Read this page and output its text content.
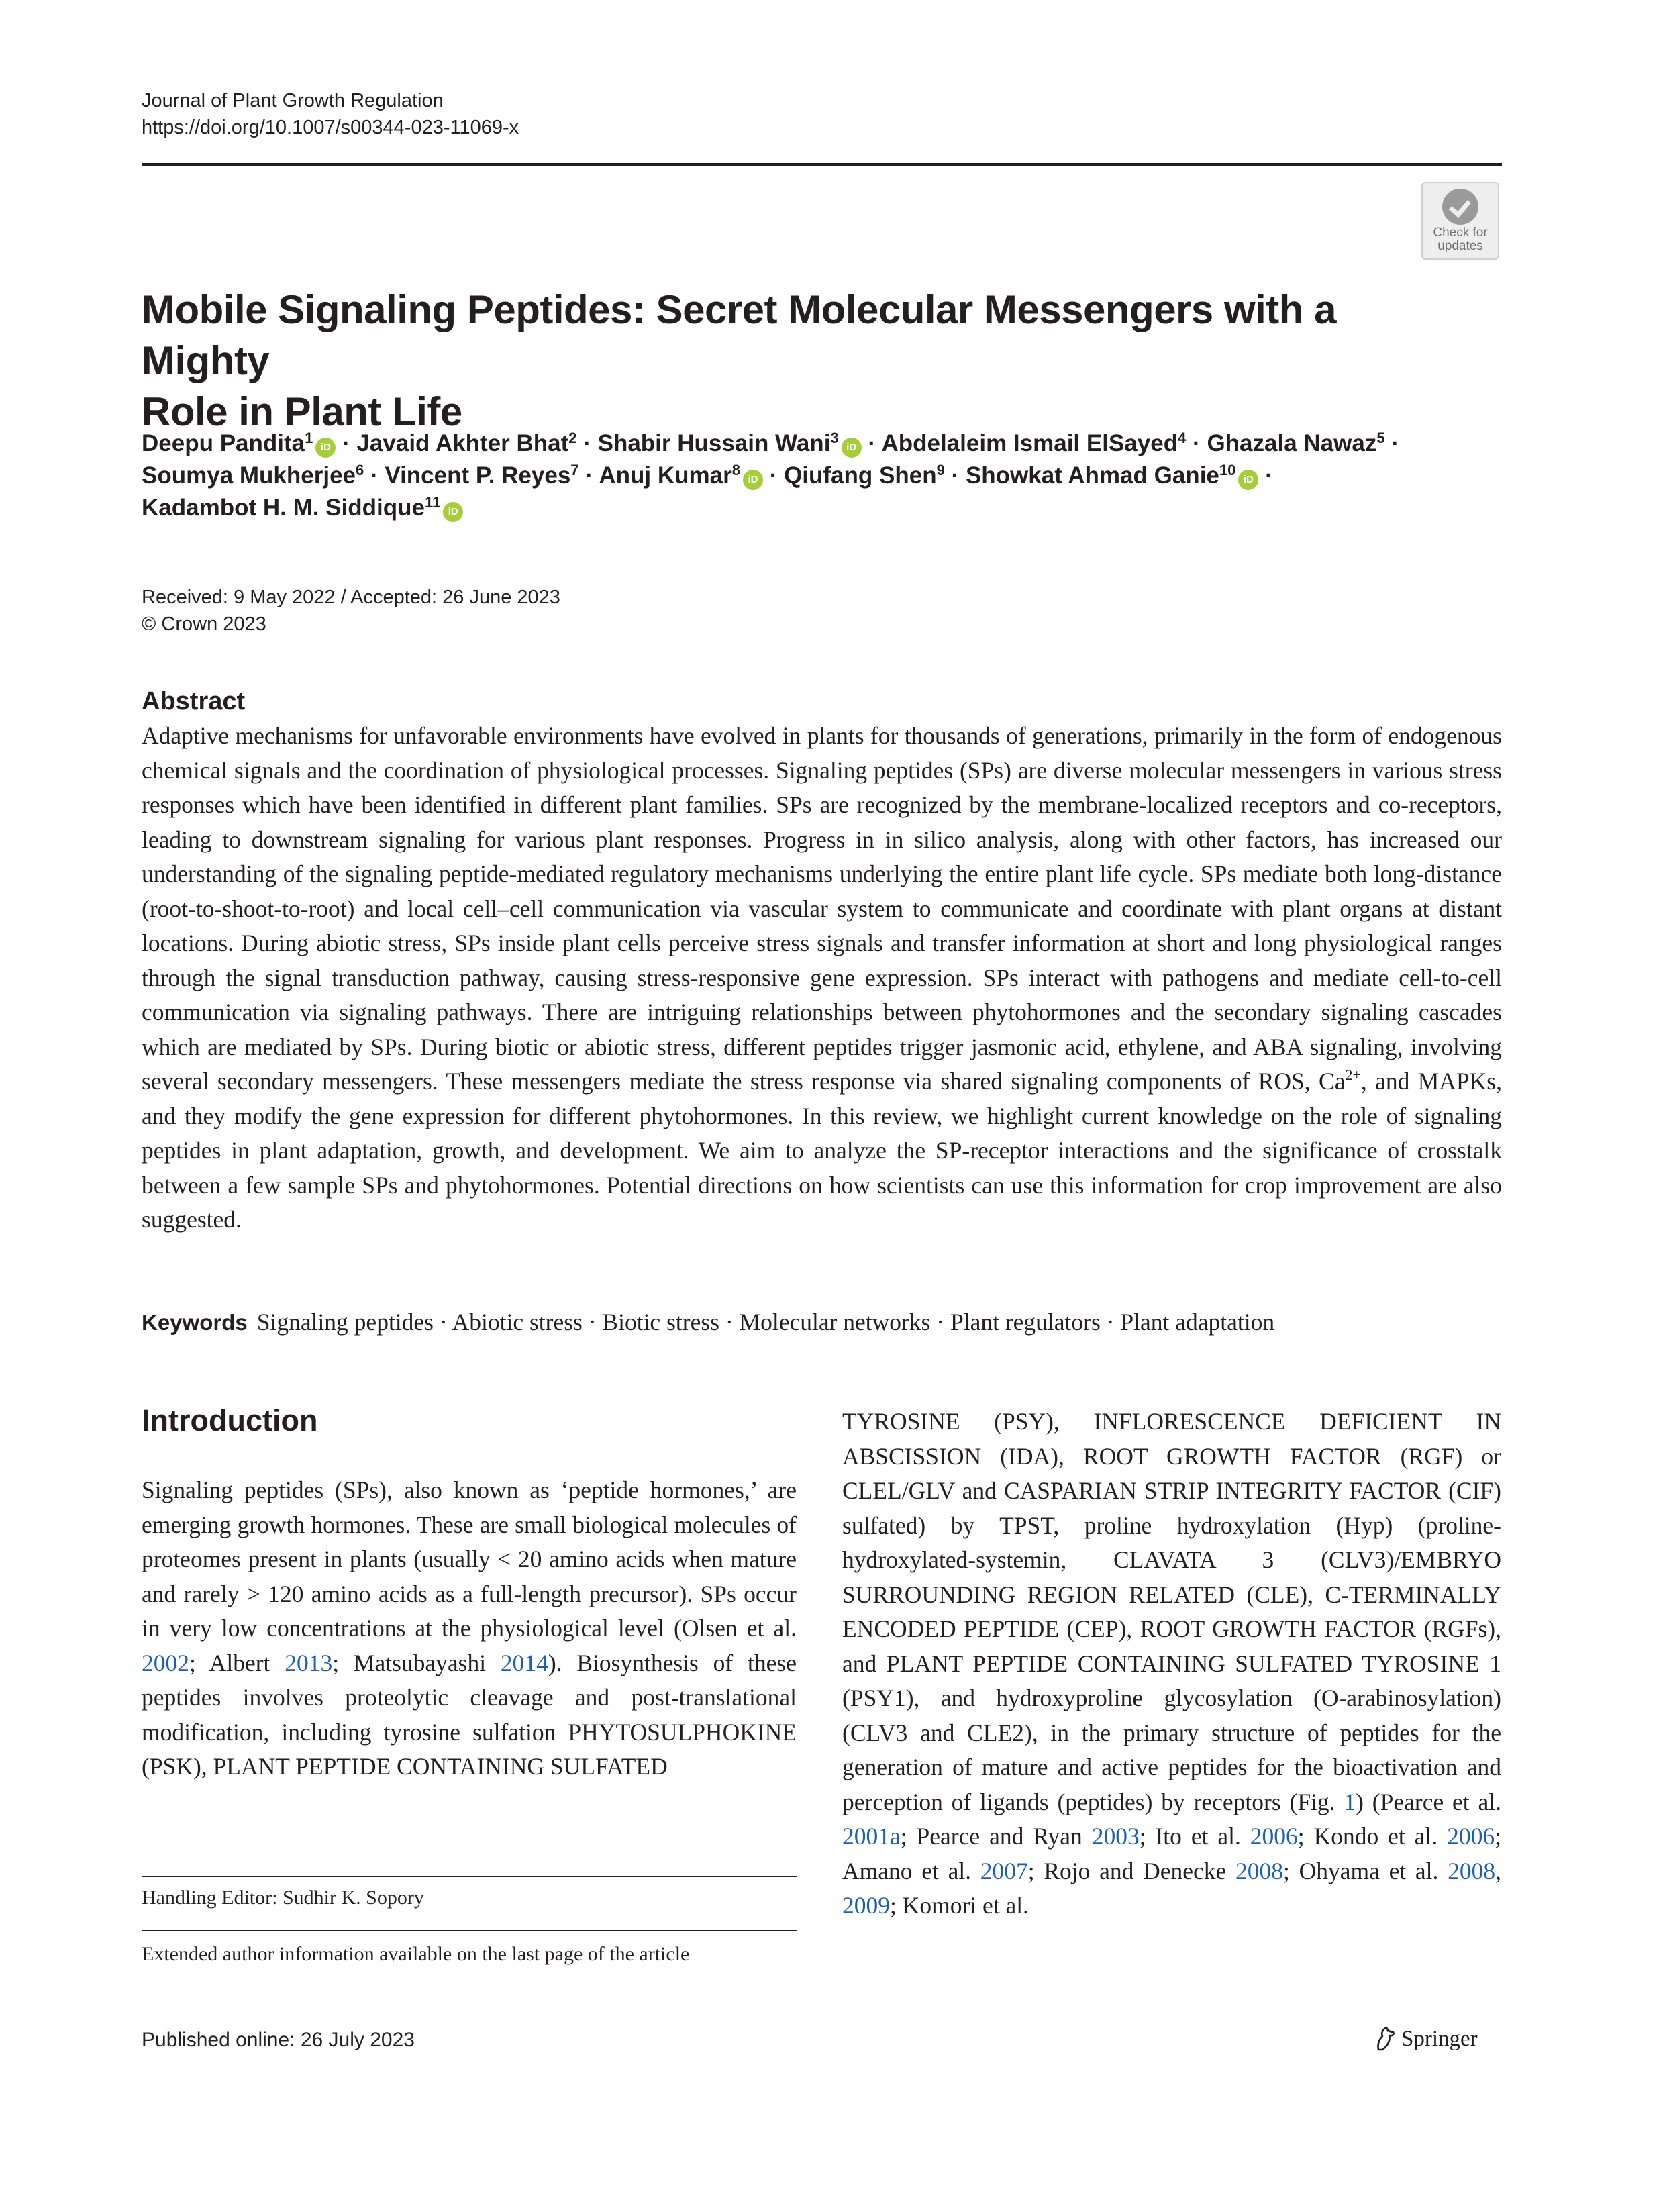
Journal of Plant Growth Regulation
https://doi.org/10.1007/s00344-023-11069-x
Check for
updates
Mobile Signaling Peptides: Secret Molecular Messengers with a Mighty
Role in Plant Life
Deepu Pandita$^1$iD · Javaid Akhter Bhat$^2$ · Shabir Hussain Wani$^3$iD · Abdelaleim Ismail ElSayed$^4$ · Ghazala Nawaz$^5$ ·
Soumya Mukherjee$^6$ · Vincent P. Reyes$^7$ · Anuj Kumar$^8$iD · Qiufang Shen$^9$ · Showkat Ahmad Ganie$^{10}$iD ·
Kadambot H. M. Siddique$^{11}$iD
Received: 9 May 2022 / Accepted: 26 June 2023
© Crown 2023
Abstract
Adaptive mechanisms for unfavorable environments have evolved in plants for thousands of generations, primarily in the form of endogenous chemical signals and the coordination of physiological processes. Signaling peptides (SPs) are diverse molecular messengers in various stress responses which have been identified in different plant families. SPs are recognized by the membrane-localized receptors and co-receptors, leading to downstream signaling for various plant responses. Progress in in silico analysis, along with other factors, has increased our understanding of the signaling peptide-mediated regulatory mechanisms underlying the entire plant life cycle. SPs mediate both long-distance (root-to-shoot-to-root) and local cell–cell communication via vascular system to communicate and coordinate with plant organs at distant locations. During abiotic stress, SPs inside plant cells perceive stress signals and transfer information at short and long physiological ranges through the signal transduction pathway, causing stress-responsive gene expression. SPs interact with pathogens and mediate cell-to-cell communication via signaling pathways. There are intriguing relationships between phytohormones and the secondary signaling cascades which are mediated by SPs. During biotic or abiotic stress, different peptides trigger jasmonic acid, ethylene, and ABA signaling, involving several secondary messengers. These messengers mediate the stress response via shared signaling components of ROS, $Ca^{2+}$, and MAPKs, and they modify the gene expression for different phytohormones. In this review, we highlight current knowledge on the role of signaling peptides in plant adaptation, growth, and development. We aim to analyze the SP-receptor interactions and the significance of crosstalk between a few sample SPs and phytohormones. Potential directions on how scientists can use this information for crop improvement are also suggested.
Keywords Signaling peptides · Abiotic stress · Biotic stress · Molecular networks · Plant regulators · Plant adaptation
Introduction
Signaling peptides (SPs), also known as ‘peptide hormones,’ are emerging growth hormones. These are small biological molecules of proteomes present in plants (usually < 20 amino acids when mature and rarely > 120 amino acids as a full-length precursor). SPs occur in very low concentrations at the physiological level (Olsen et al. 2002; Albert 2013; Matsubayashi 2014). Biosynthesis of these peptides involves proteolytic cleavage and post-translational modification, including tyrosine sulfation PHYTOSULPHOKINE (PSK), PLANT PEPTIDE CONTAINING SULFATED
TYROSINE (PSY), INFLORESCENCE DEFICIENT IN ABSCISSION (IDA), ROOT GROWTH FACTOR (RGF) or CLEL/GLV and CASPARIAN STRIP INTEGRITY FACTOR (CIF) sulfated) by TPST, proline hydroxylation (Hyp) (proline-hydroxylated-systemin, CLAVATA 3 (CLV3)/EMBRYO SURROUNDING REGION RELATED (CLE), C-TERMINALLY ENCODED PEPTIDE (CEP), ROOT GROWTH FACTOR (RGFs), and PLANT PEPTIDE CONTAINING SULFATED TYROSINE 1 (PSY1), and hydroxyproline glycosylation (O-arabinosylation) (CLV3 and CLE2), in the primary structure of peptides for the generation of mature and active peptides for the bioactivation and perception of ligands (peptides) by receptors (Fig. 1) (Pearce et al. 2001a; Pearce and Ryan 2003; Ito et al. 2006; Kondo et al. 2006; Amano et al. 2007; Rojo and Denecke 2008; Ohyama et al. 2008, 2009; Komori et al.
Handling Editor: Sudhir K. Sopory
Extended author information available on the last page of the article
Published online: 26 July 2023	Springer
